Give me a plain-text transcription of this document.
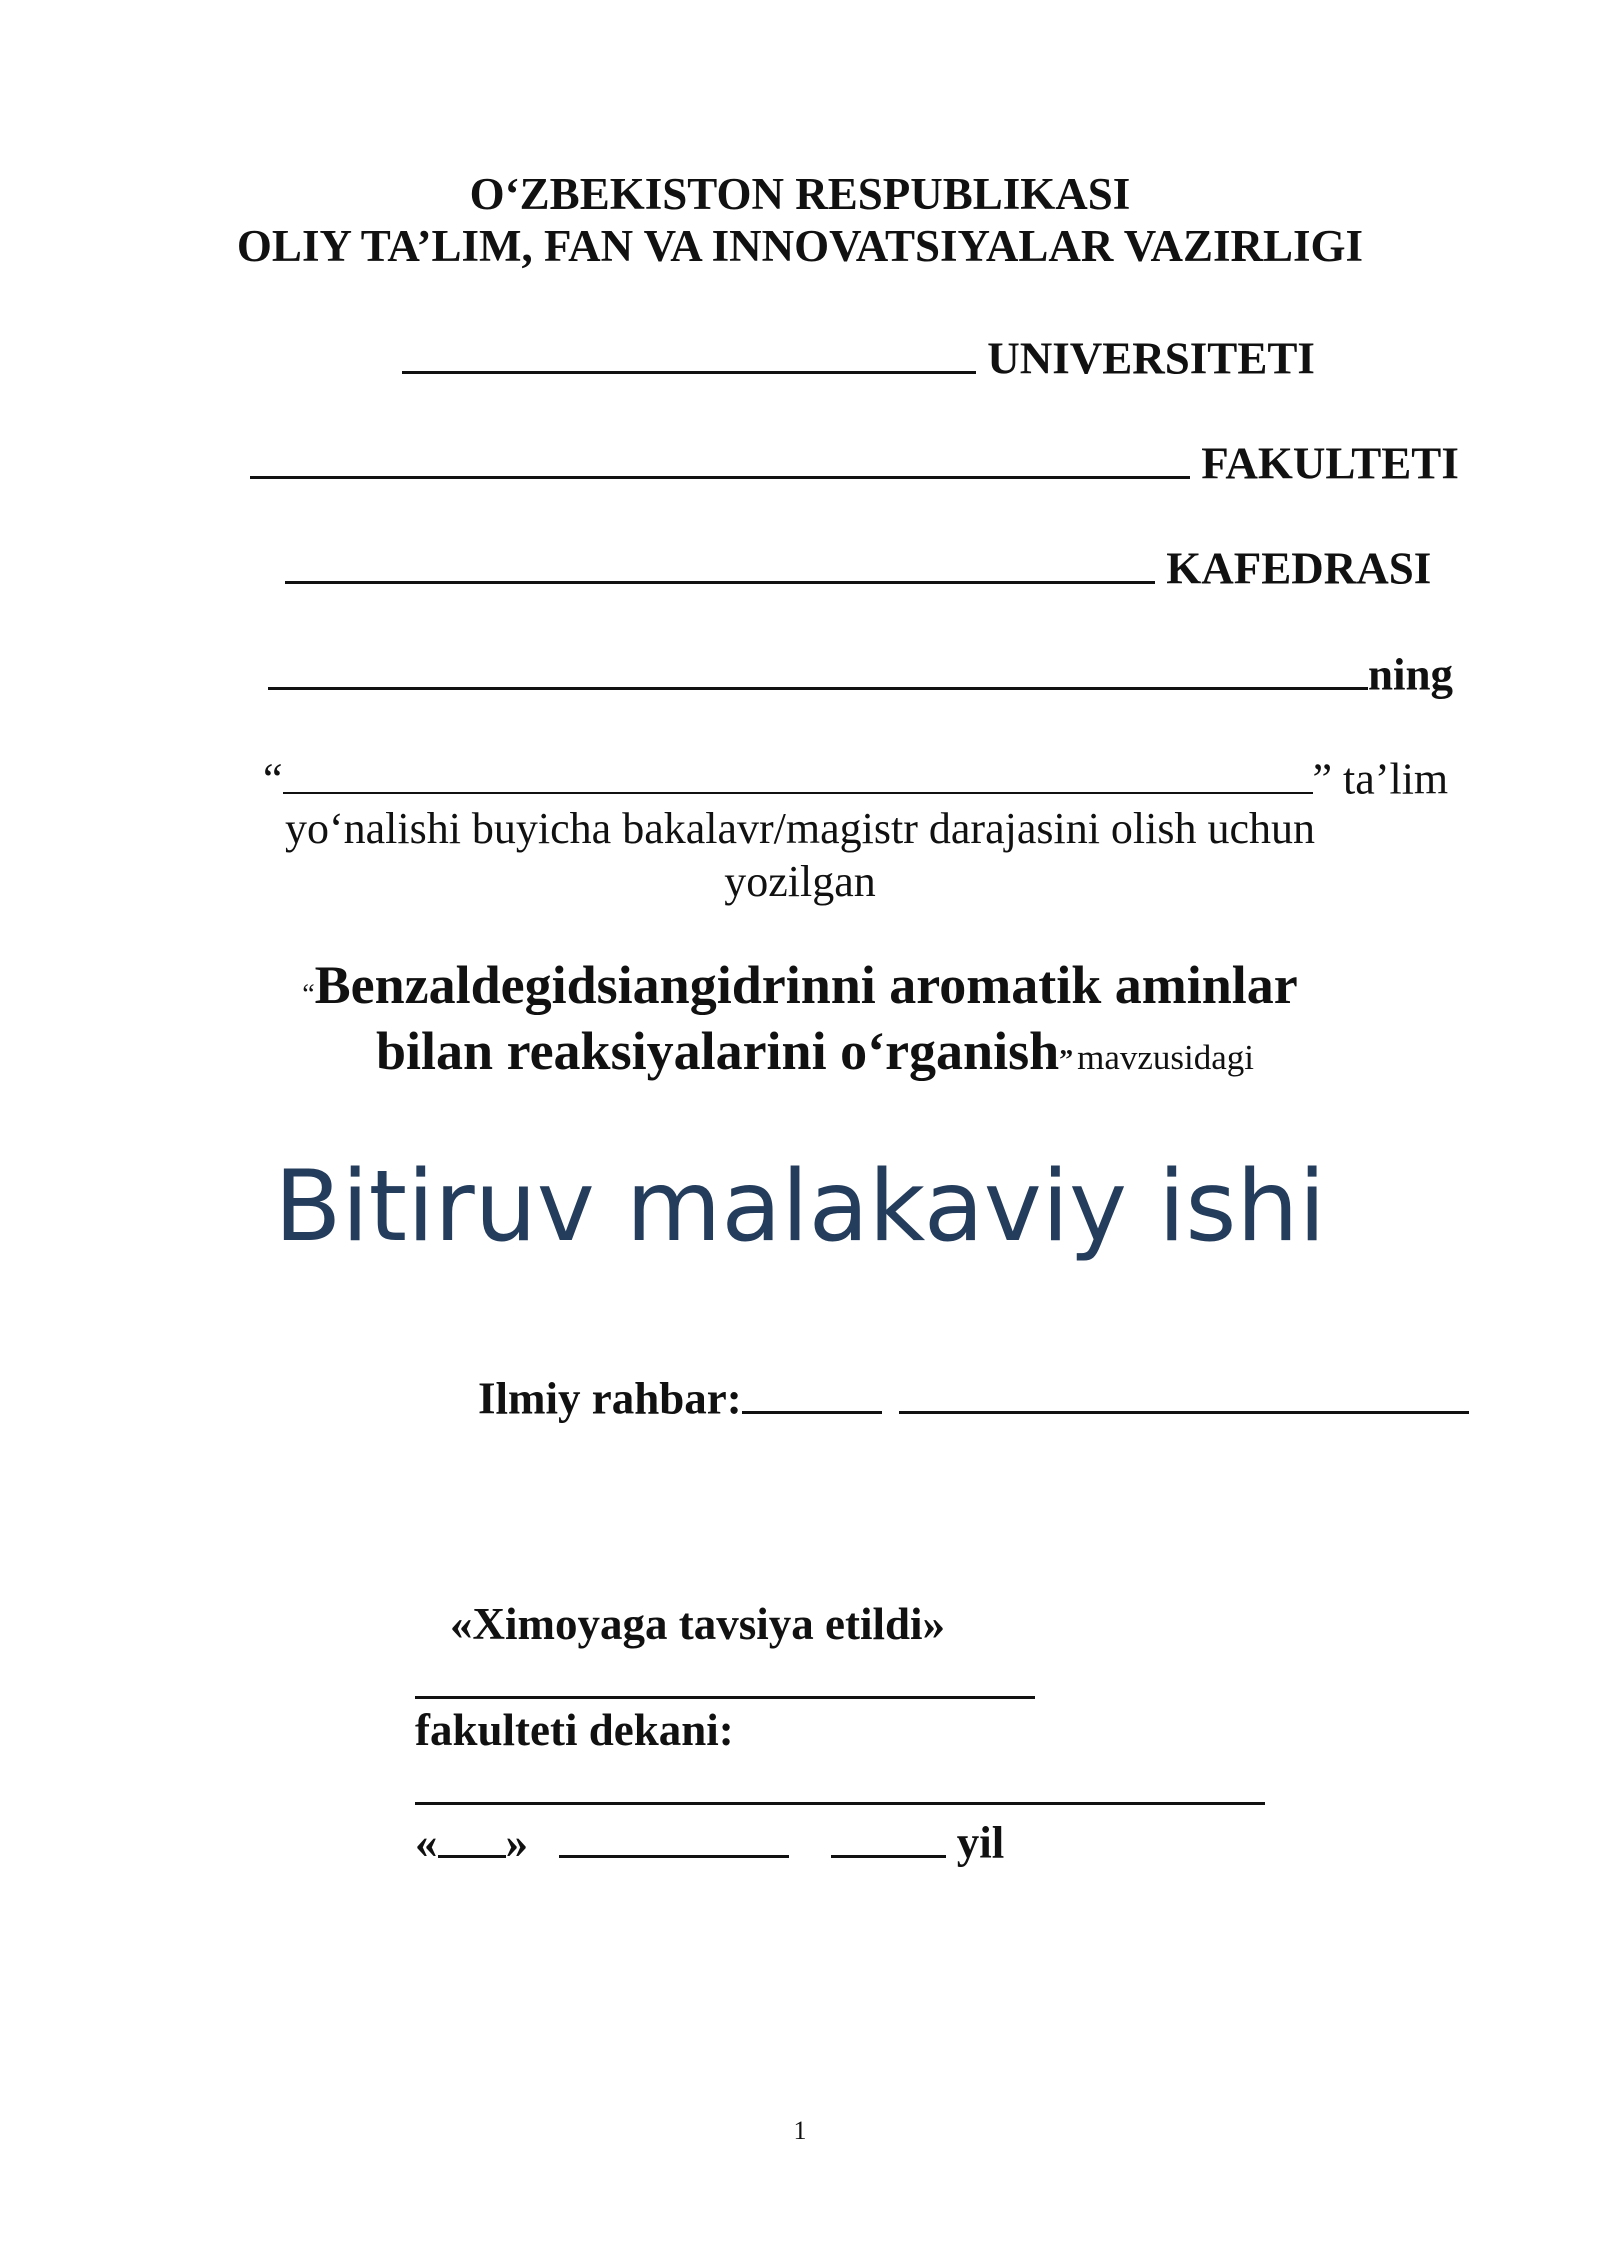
O‘ZBEKISTON RESPUBLIKASI
OLIY TA’LIM, FAN VA INNOVATSIYALAR VAZIRLIGI
UNIVERSITETI
FAKULTETI
KAFEDRASI
ning
“	” ta’lim
yo‘nalishi buyicha bakalavr/magistr darajasini olish uchun
yozilgan
“Benzaldegidsiangidrinni aromatik aminlar
bilan reaksiyalarini o‘rganish” mavzusidagi
Bitiruv malakaviy ishi
Ilmiy rahbar:
«Ximoyaga tavsiya etildi»
fakulteti dekani:
« »	yil
1
